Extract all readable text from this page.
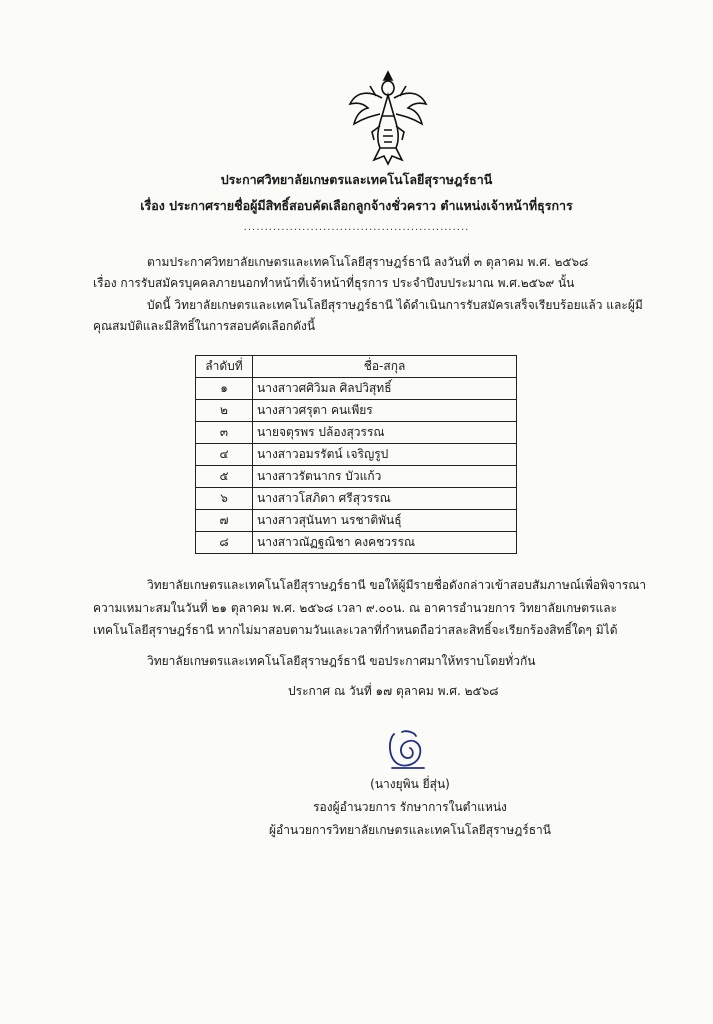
ประกาศวิทยาลัยเกษตรและเทคโนโลยีสุราษฎร์ธานี
เรื่อง ประกาศรายชื่อผู้มีสิทธิ์สอบคัดเลือกลูกจ้างชั่วคราว ตำแหน่งเจ้าหน้าที่ธุรการ
......................................................
ตามประกาศวิทยาลัยเกษตรและเทคโนโลยีสุราษฎร์ธานี ลงวันที่ ๓ ตุลาคม พ.ศ. ๒๕๖๘
เรื่อง การรับสมัครบุคคลภายนอกทำหน้าที่เจ้าหน้าที่ธุรการ ประจำปีงบประมาณ พ.ศ.๒๕๖๙ นั้น
บัดนี้ วิทยาลัยเกษตรและเทคโนโลยีสุราษฎร์ธานี ได้ดำเนินการรับสมัครเสร็จเรียบร้อยแล้ว และผู้มี
คุณสมบัติและมีสิทธิ์ในการสอบคัดเลือกดังนี้
ลำดับที่	ชื่อ-สกุล
๑	นางสาวศศิวิมล ศิลปวิสุทธิ์
๒	นางสาวศรุตา คนเพียร
๓	นายจตุรพร ปล้องสุวรรณ
๔	นางสาวอมรรัตน์ เจริญรูป
๕	นางสาวรัตนากร บัวแก้ว
๖	นางสาวโสภิดา ศรีสุวรรณ
๗	นางสาวสุนันทา นรชาติพันธุ์
๘	นางสาวณัฏฐณิชา คงคชวรรณ
วิทยาลัยเกษตรและเทคโนโลยีสุราษฎร์ธานี ขอให้ผู้มีรายชื่อดังกล่าวเข้าสอบสัมภาษณ์เพื่อพิจารณา
ความเหมาะสมในวันที่ ๒๑ ตุลาคม พ.ศ. ๒๕๖๘ เวลา ๙.๐๐น. ณ อาคารอำนวยการ วิทยาลัยเกษตรและ
เทคโนโลยีสุราษฎร์ธานี หากไม่มาสอบตามวันและเวลาที่กำหนดถือว่าสละสิทธิ์จะเรียกร้องสิทธิ์ใดๆ มิได้
วิทยาลัยเกษตรและเทคโนโลยีสุราษฎร์ธานี ขอประกาศมาให้ทราบโดยทั่วกัน
ประกาศ ณ วันที่ ๑๗ ตุลาคม พ.ศ. ๒๕๖๘
(นางยุพิน ยี่สุ่น)
รองผู้อำนวยการ รักษาการในตำแหน่ง
ผู้อำนวยการวิทยาลัยเกษตรและเทคโนโลยีสุราษฎร์ธานี
